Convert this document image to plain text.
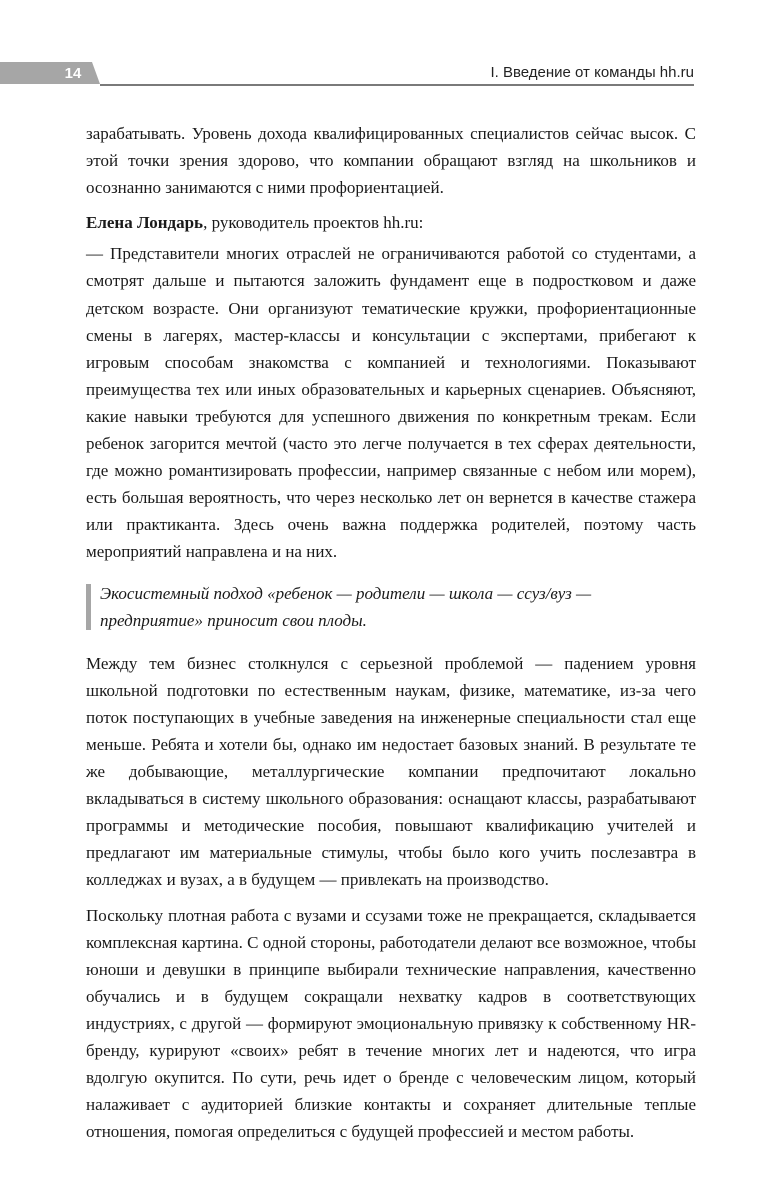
14	I. Введение от команды hh.ru

зарабатывать. Уровень дохода квалифицированных специалистов сейчас высок. С этой точки зрения здорово, что компании обращают взгляд на школьников и осознанно занимаются с ними профориентацией.

Елена Лондарь, руководитель проектов hh.ru:

— Представители многих отраслей не ограничиваются работой со студентами, а смотрят дальше и пытаются заложить фундамент еще в подростковом и даже детском возрасте. Они организуют тематические кружки, профориентационные смены в лагерях, мастер-классы и консультации с экспертами, прибегают к игровым способам знакомства с компанией и технологиями. Показывают преимущества тех или иных образовательных и карьерных сценариев. Объясняют, какие навыки требуются для успешного движения по конкретным трекам. Если ребенок загорится мечтой (часто это легче получается в тех сферах деятельности, где можно романтизировать профессии, например связанные с небом или морем), есть большая вероятность, что через несколько лет он вернется в качестве стажера или практиканта. Здесь очень важна поддержка родителей, поэтому часть мероприятий направлена и на них.

Экосистемный подход «ребенок — родители — школа — ссуз/вуз — предприятие» приносит свои плоды.

Между тем бизнес столкнулся с серьезной проблемой — падением уровня школьной подготовки по естественным наукам, физике, математике, из-за чего поток поступающих в учебные заведения на инженерные специальности стал еще меньше. Ребята и хотели бы, однако им недостает базовых знаний. В результате те же добывающие, металлургические компании предпочитают локально вкладываться в систему школьного образования: оснащают классы, разрабатывают программы и методические пособия, повышают квалификацию учителей и предлагают им материальные стимулы, чтобы было кого учить послезавтра в колледжах и вузах, а в будущем — привлекать на производство.

Поскольку плотная работа с вузами и ссузами тоже не прекращается, складывается комплексная картина. С одной стороны, работодатели делают все возможное, чтобы юноши и девушки в принципе выбирали технические направления, качественно обучались и в будущем сокращали нехватку кадров в соответствующих индустриях, с другой — формируют эмоциональную привязку к собственному HR-бренду, курируют «своих» ребят в течение многих лет и надеются, что игра вдолгую окупится. По сути, речь идет о бренде с человеческим лицом, который налаживает с аудиторией близкие контакты и сохраняет длительные теплые отношения, помогая определиться с будущей профессией и местом работы.
